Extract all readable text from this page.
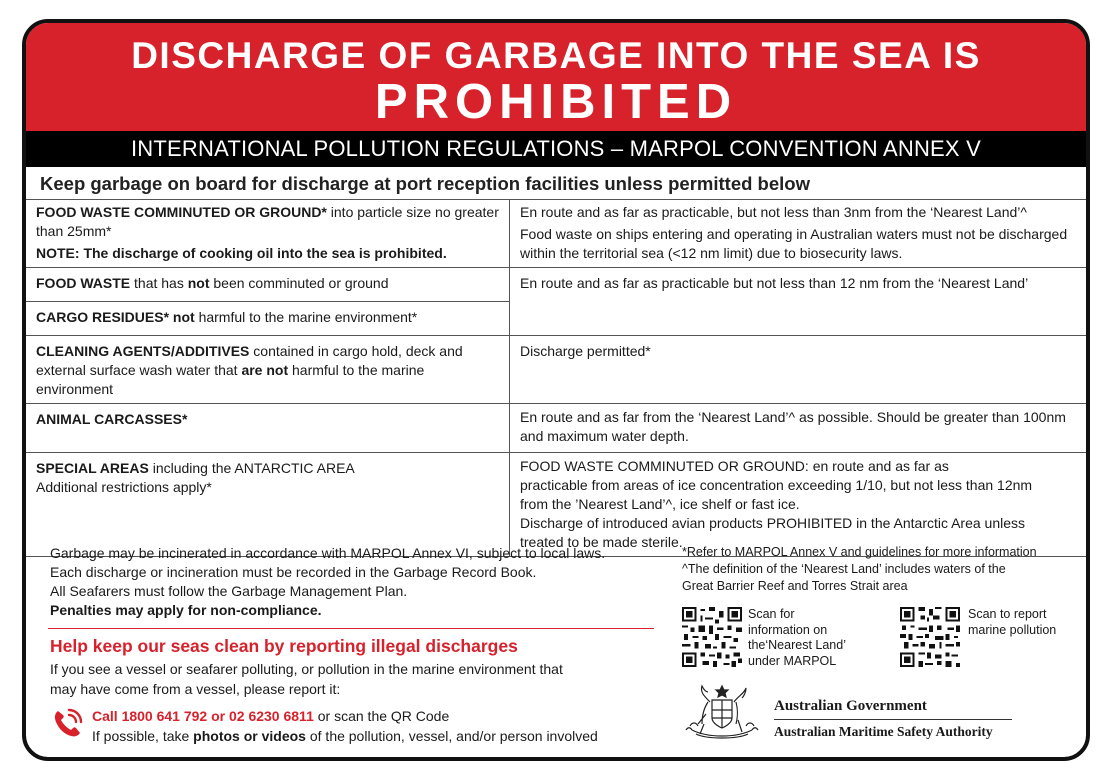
DISCHARGE OF GARBAGE INTO THE SEA IS
PROHIBITED
INTERNATIONAL POLLUTION REGULATIONS – MARPOL CONVENTION ANNEX V
Keep garbage on board for discharge at port reception facilities unless permitted below
FOOD WASTE COMMINUTED OR GROUND* into particle size no greater than 25mm*
NOTE: The discharge of cooking oil into the sea is prohibited.	En route and as far as practicable, but not less than 3nm from the ‘Nearest Land’^
Food waste on ships entering and operating in Australian waters must not be discharged within the territorial sea (<12 nm limit) due to biosecurity laws.

FOOD WASTE that has not been comminuted or ground	En route and as far as practicable but not less than 12 nm from the ‘Nearest Land’
CARGO RESIDUES* not harmful to the marine environment*	
CLEANING AGENTS/ADDITIVES contained in cargo hold, deck and external surface wash water that are not harmful to the marine environment	Discharge permitted*
ANIMAL CARCASSES*	En route and as far from the ‘Nearest Land’^ as possible. Should be greater than 100nm and maximum water depth.
SPECIAL AREAS including the ANTARCTIC AREA
Additional restrictions apply*	FOOD WASTE COMMINUTED OR GROUND: en route and as far as
practicable from areas of ice concentration exceeding 1/10, but not less than 12nm
from the ’Nearest Land’^, ice shelf or fast ice.
Discharge of introduced avian products PROHIBITED in the Antarctic Area unless
treated to be made sterile.
Garbage may be incinerated in accordance with MARPOL Annex VI, subject to local laws.
Each discharge or incineration must be recorded in the Garbage Record Book.
All Seafarers must follow the Garbage Management Plan.
Penalties may apply for non-compliance.
Help keep our seas clean by reporting illegal discharges
If you see a vessel or seafarer polluting, or pollution in the marine environment that
may have come from a vessel, please report it:
Call 1800 641 792 or 02 6230 6811 or scan the QR Code
If possible, take photos or videos of the pollution, vessel, and/or person involved
*Refer to MARPOL Annex V and guidelines for more information
^The definition of the ‘Nearest Land’ includes waters of the
Great Barrier Reef and Torres Strait area
Scan for
information on
the‘Nearest Land’
under MARPOL
Scan to report
marine pollution
Australian Government
Australian Maritime Safety Authority
